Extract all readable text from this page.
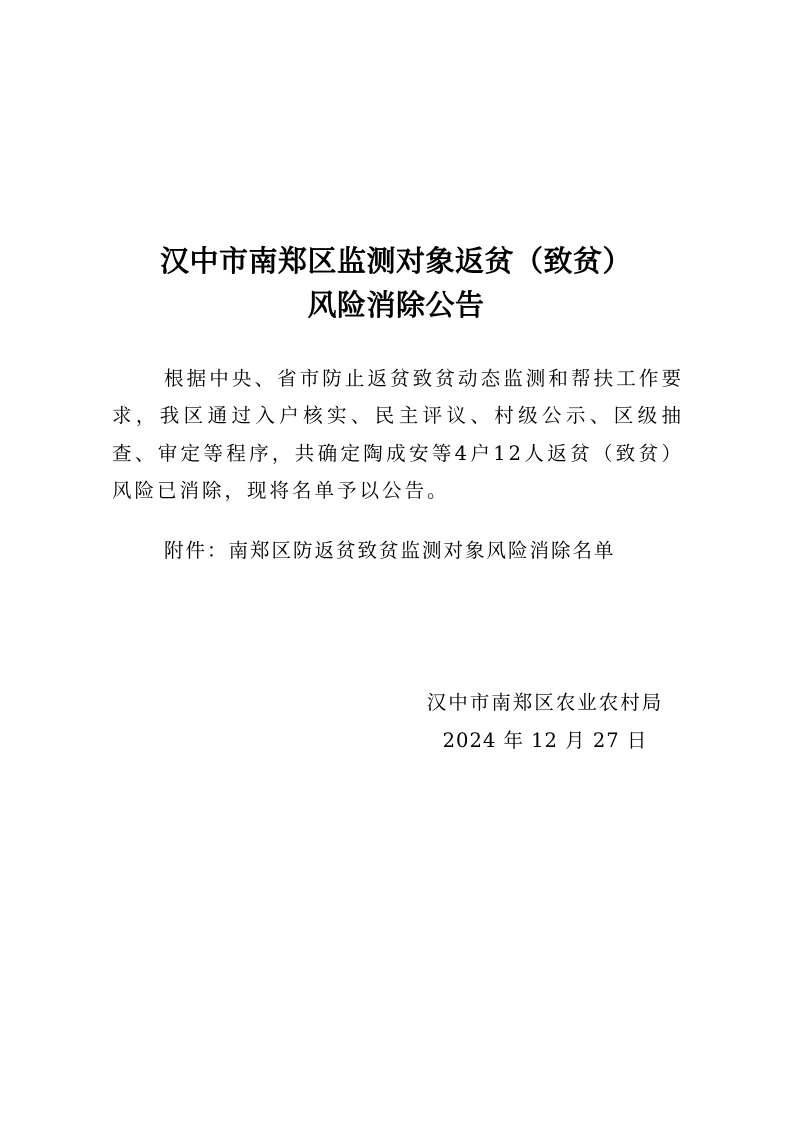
汉中市南郑区监测对象返贫（致贫）
风险消除公告

根据中央、省市防止返贫致贫动态监测和帮扶工作要求，我区通过入户核实、民主评议、村级公示、区级抽查、审定等程序，共确定陶成安等4户12人返贫（致贫）风险已消除，现将名单予以公告。

附件：南郑区防返贫致贫监测对象风险消除名单
汉中市南郑区农业农村局
2024 年 12 月 27 日
